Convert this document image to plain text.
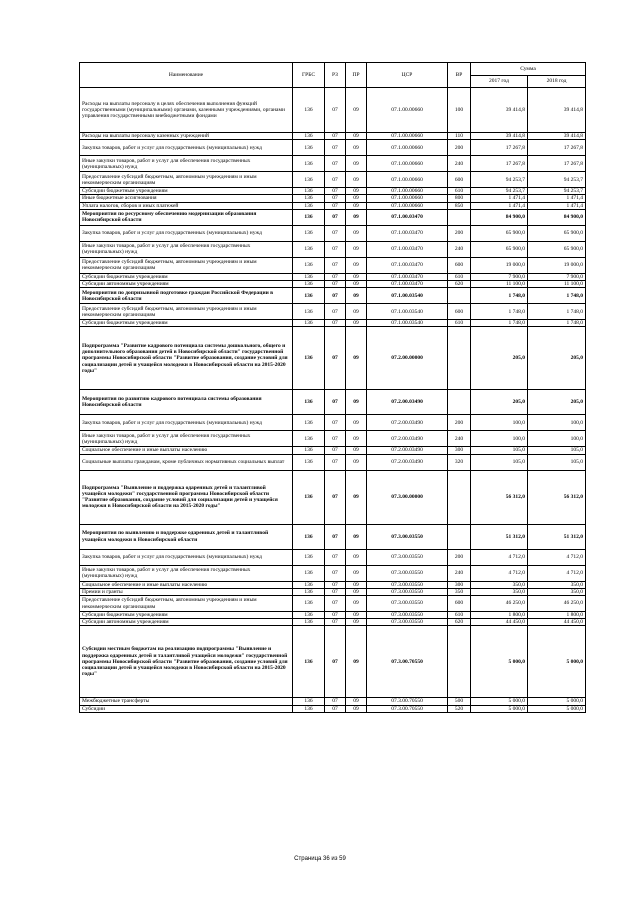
Наименование	ГРБС	РЗ	ПР	ЦСР	ВР	Сумма	
						2017 год	2018 год
Расходы на выплаты персоналу в целях обеспечения выполнения функций государственными (муниципальными) органами, казенными учреждениями, органами управления государственными внебюджетными фондами	136	07	09	07.1.00.00660	100	39 414,8	39 414,8
Расходы на выплаты персоналу казенных учреждений	136	07	09	07.1.00.00660	110	39 414,8	39 414,8
Закупка товаров, работ и услуг для государственных (муниципальных) нужд	136	07	09	07.1.00.00660	200	17 267,8	17 267,8
Иные закупки товаров, работ и услуг для обеспечения государственных (муниципальных) нужд	136	07	09	07.1.00.00660	240	17 267,8	17 267,8
Предоставление субсидий бюджетным, автономным учреждениям и иным некоммерческим организациям	136	07	09	07.1.00.00660	600	94 253,7	94 253,7
Субсидии бюджетным учреждениям	136	07	09	07.1.00.00660	610	94 253,7	94 253,7
Иные бюджетные ассигнования	136	07	09	07.1.00.00660	800	1 471,4	1 471,4
Уплата налогов, сборов и иных платежей	136	07	09	07.1.00.00660	850	1 471,4	1 471,4
Мероприятия по ресурсному обеспечению модернизации образования Новосибирской области	136	07	09	07.1.00.03470		84 900,0	84 900,0
Закупка товаров, работ и услуг для государственных (муниципальных) нужд	136	07	09	07.1.00.03470	200	65 900,0	65 900,0
Иные закупки товаров, работ и услуг для обеспечения государственных (муниципальных) нужд	136	07	09	07.1.00.03470	240	65 900,0	65 900,0
Предоставление субсидий бюджетным, автономным учреждениям и иным некоммерческим организациям	136	07	09	07.1.00.03470	600	19 000,0	19 000,0
Субсидии бюджетным учреждениям	136	07	09	07.1.00.03470	610	7 900,0	7 900,0
Субсидии автономным учреждениям	136	07	09	07.1.00.03470	620	11 100,0	11 100,0
Мероприятия по допризывной подготовке граждан Российской Федерации в Новосибирской области	136	07	09	07.1.00.03540		1 748,0	1 748,0
Предоставление субсидий бюджетным, автономным учреждениям и иным некоммерческим организациям	136	07	09	07.1.00.03540	600	1 748,0	1 748,0
Субсидии бюджетным учреждениям	136	07	09	07.1.00.03540	610	1 748,0	1 748,0
Подпрограмма "Развитие кадрового потенциала системы дошкольного, общего и дополнительного образования детей в Новосибирской области" государственной программы Новосибирской области "Развитие образования, создание условий для социализации детей и учащейся молодежи в Новосибирской области на 2015-2020 годы"	136	07	09	07.2.00.00000		205,0	205,0
Мероприятия по развитию кадрового потенциала системы образования Новосибирской области	136	07	09	07.2.00.03490		205,0	205,0
Закупка товаров, работ и услуг для государственных (муниципальных) нужд	136	07	09	07.2.00.03490	200	100,0	100,0
Иные закупки товаров, работ и услуг для обеспечения государственных (муниципальных) нужд	136	07	09	07.2.00.03490	240	100,0	100,0
Социальное обеспечение и иные выплаты населению	136	07	09	07.2.00.03490	300	105,0	105,0
Социальные выплаты гражданам, кроме публичных нормативных социальных выплат	136	07	09	07.2.00.03490	320	105,0	105,0
Подпрограмма "Выявление и поддержка одаренных детей и талантливой учащейся молодежи" государственной программы Новосибирской области "Развитие образования, создание условий для социализации детей и учащейся молодежи в Новосибирской области на 2015-2020 годы"	136	07	09	07.3.00.00000		56 312,0	56 312,0
Мероприятия по выявлению и поддержке одаренных детей и талантливой учащейся молодежи в Новосибирской области	136	07	09	07.3.00.03550		51 312,0	51 312,0
Закупка товаров, работ и услуг для государственных (муниципальных) нужд	136	07	09	07.3.00.03550	200	4 712,0	4 712,0
Иные закупки товаров, работ и услуг для обеспечения государственных (муниципальных) нужд	136	07	09	07.3.00.03550	240	4 712,0	4 712,0
Социальное обеспечение и иные выплаты населению	136	07	09	07.3.00.03550	300	350,0	350,0
Премии и гранты	136	07	09	07.3.00.03550	350	350,0	350,0
Предоставление субсидий бюджетным, автономным учреждениям и иным некоммерческим организациям	136	07	09	07.3.00.03550	600	46 250,0	46 250,0
Субсидии бюджетным учреждениям	136	07	09	07.3.00.03550	610	1 800,0	1 800,0
Субсидии автономным учреждениям	136	07	09	07.3.00.03550	620	44 450,0	44 450,0
Субсидии местным бюджетам на реализацию подпрограммы "Выявление и поддержка одаренных детей и талантливой учащейся молодежи" государственной программы Новосибирской области "Развитие образования, создание условий для социализации детей и учащейся молодежи в Новосибирской области на 2015-2020 годы"	136	07	09	07.3.00.70550		5 000,0	5 000,0
Межбюджетные трансферты	136	07	09	07.3.00.70550	500	5 000,0	5 000,0
Субсидии	136	07	09	07.3.00.70550	520	5 000,0	5 000,0
Страница 36 из 59
